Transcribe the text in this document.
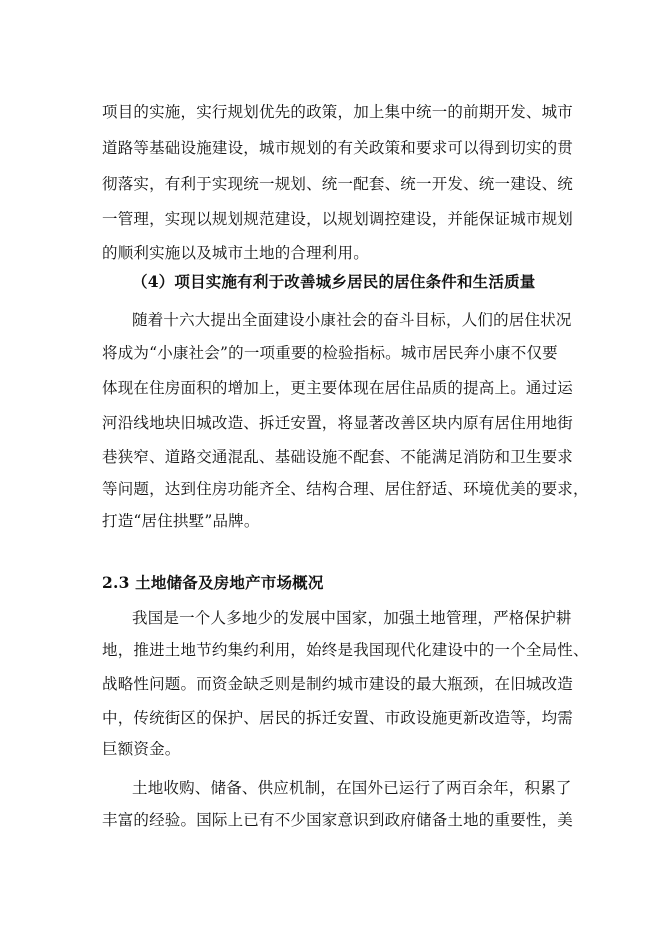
项目的实施，实行规划优先的政策，加上集中统一的前期开发、城市
道路等基础设施建设，城市规划的有关政策和要求可以得到切实的贯
彻落实，有利于实现统一规划、统一配套、统一开发、统一建设、统
一管理，实现以规划规范建设，以规划调控建设，并能保证城市规划
的顺利实施以及城市土地的合理利用。
（4）项目实施有利于改善城乡居民的居住条件和生活质量
随着十六大提出全面建设小康社会的奋斗目标，人们的居住状况
将成为“小康社会”的一项重要的检验指标。城市居民奔小康不仅要
体现在住房面积的增加上，更主要体现在居住品质的提高上。通过运
河沿线地块旧城改造、拆迁安置，将显著改善区块内原有居住用地街
巷狭窄、道路交通混乱、基础设施不配套、不能满足消防和卫生要求
等问题，达到住房功能齐全、结构合理、居住舒适、环境优美的要求，
打造“居住拱墅”品牌。
2.3 土地储备及房地产市场概况
我国是一个人多地少的发展中国家，加强土地管理，严格保护耕
地，推进土地节约集约利用，始终是我国现代化建设中的一个全局性、
战略性问题。而资金缺乏则是制约城市建设的最大瓶颈，在旧城改造
中，传统街区的保护、居民的拆迁安置、市政设施更新改造等，均需
巨额资金。
土地收购、储备、供应机制，在国外已运行了两百余年，积累了
丰富的经验。国际上已有不少国家意识到政府储备土地的重要性，美
